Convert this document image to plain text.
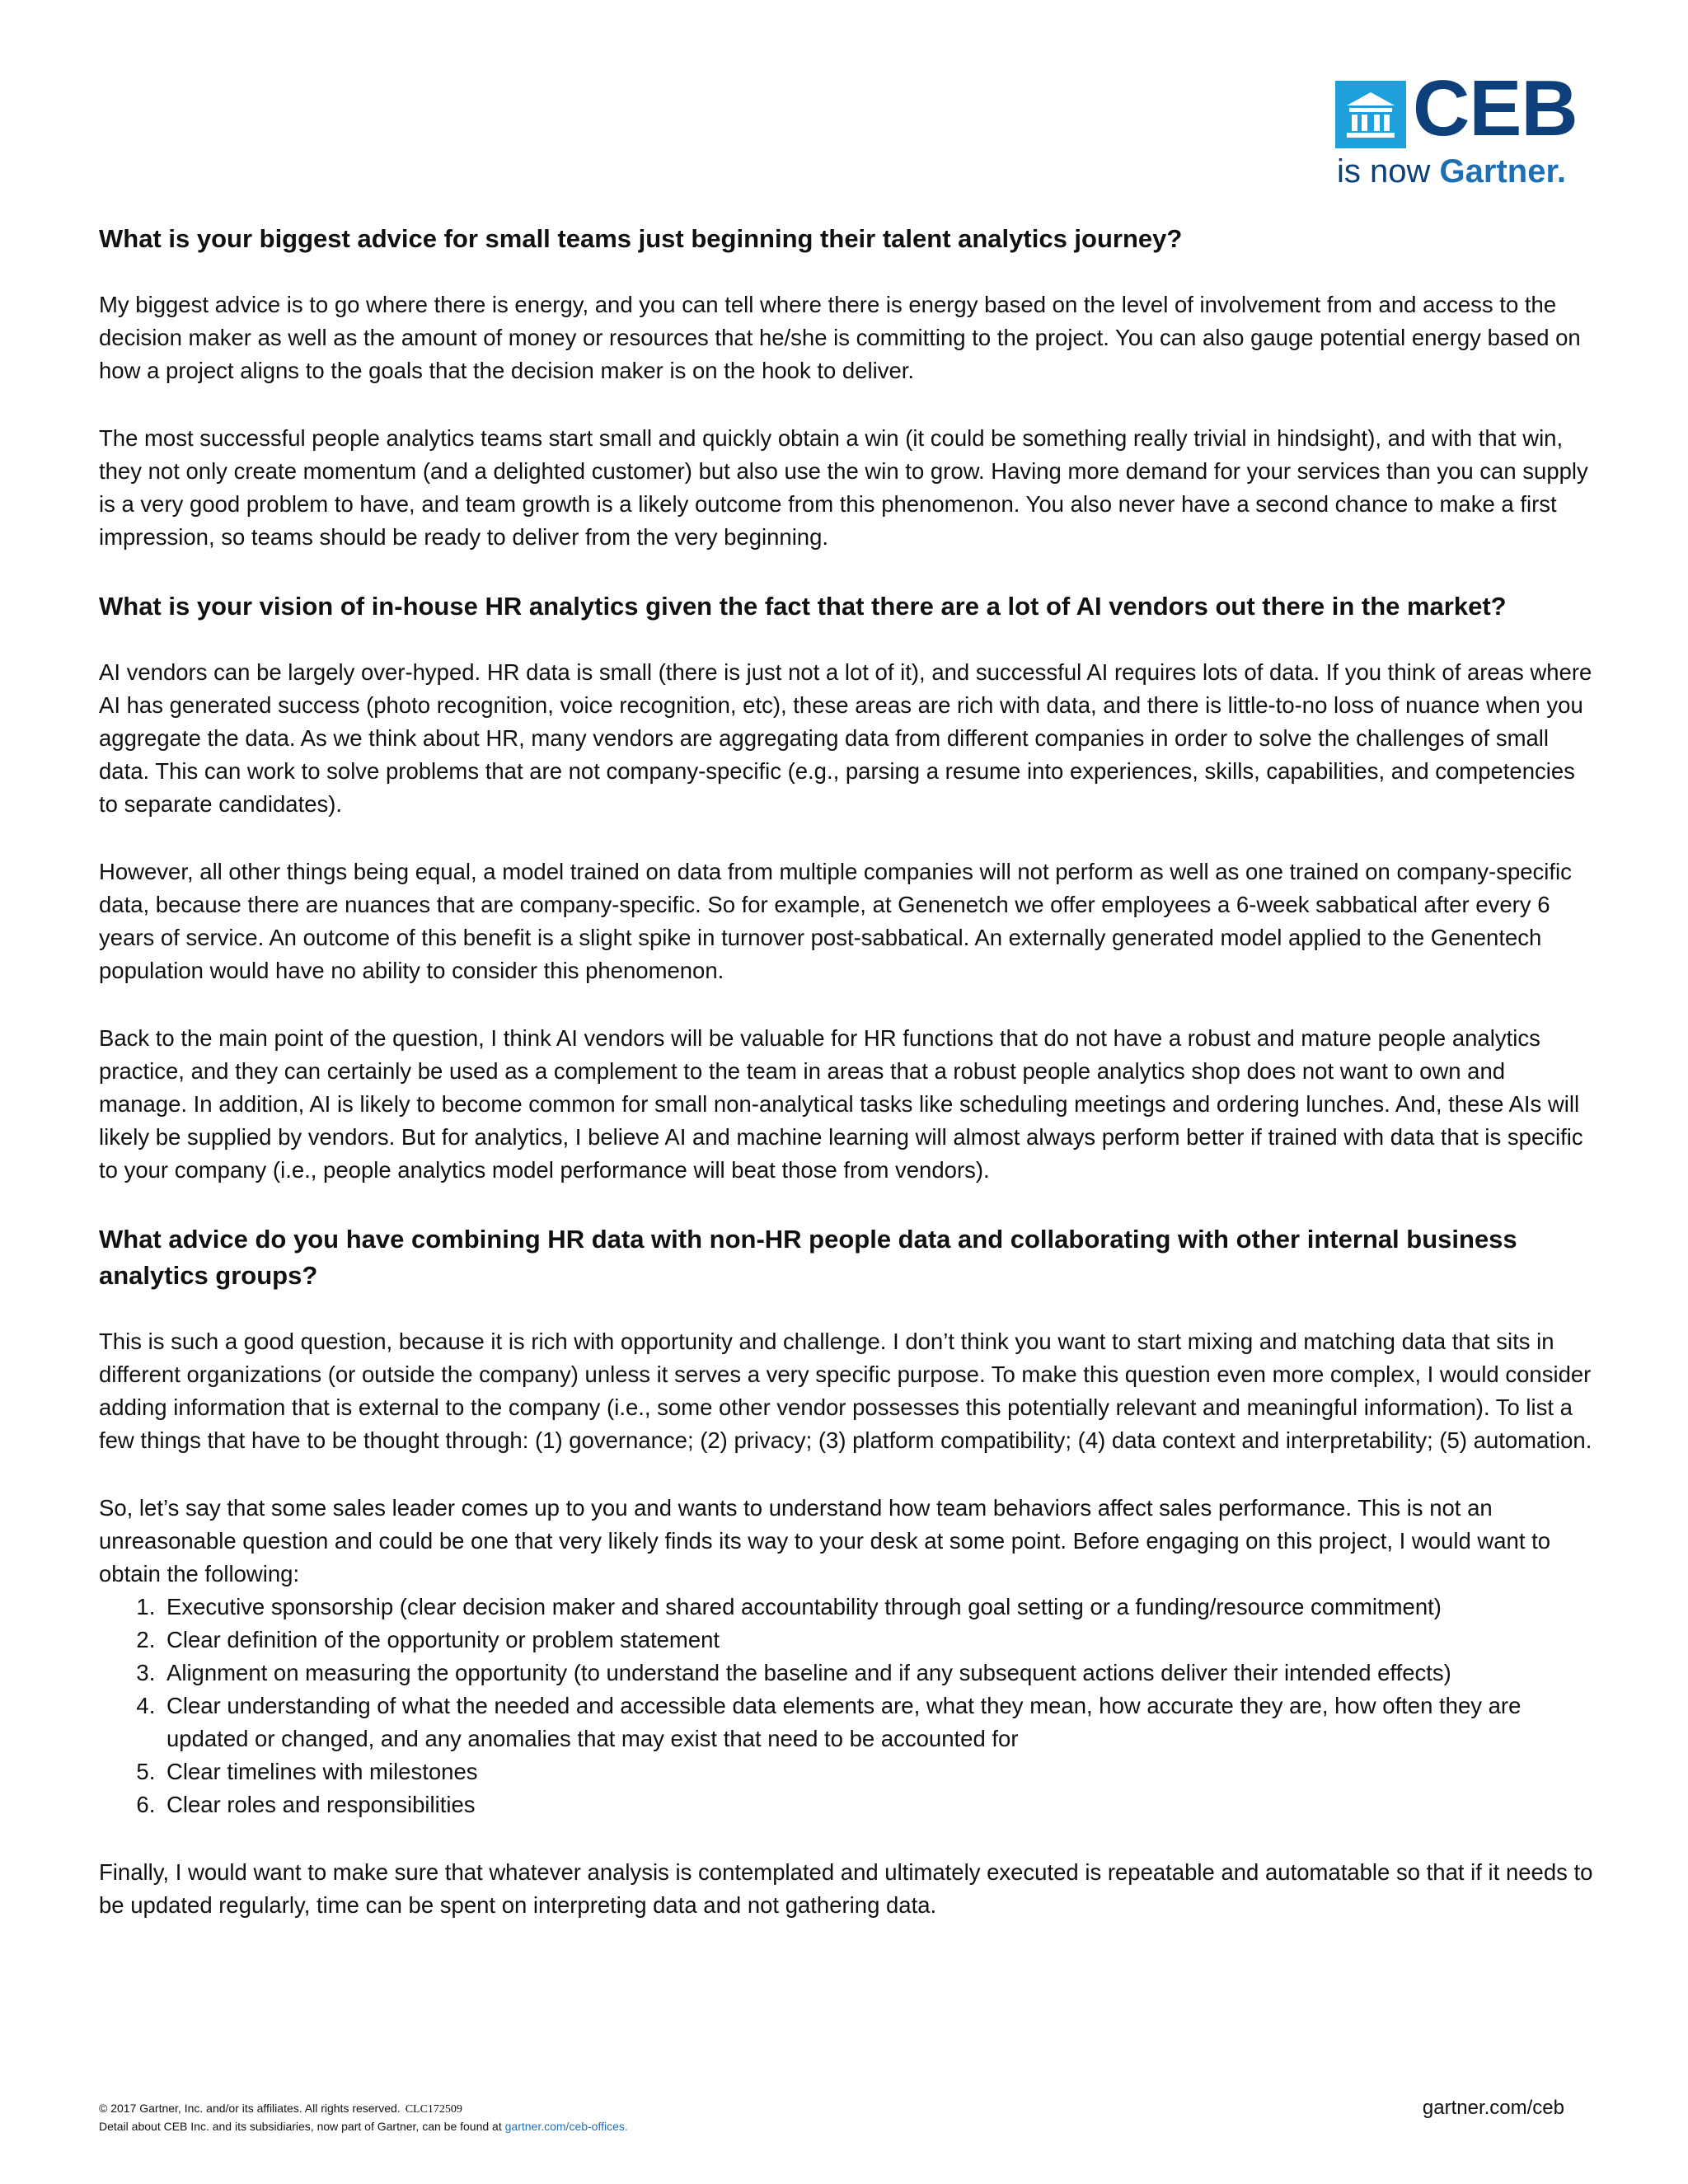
CEB
is now Gartner.
What is your biggest advice for small teams just beginning their talent analytics journey?

My biggest advice is to go where there is energy, and you can tell where there is energy based on the level of involvement from and access to the decision maker as well as the amount of money or resources that he/she is committing to the project. You can also gauge potential energy based on how a project aligns to the goals that the decision maker is on the hook to deliver.

The most successful people analytics teams start small and quickly obtain a win (it could be something really trivial in hindsight), and with that win, they not only create momentum (and a delighted customer) but also use the win to grow. Having more demand for your services than you can supply is a very good problem to have, and team growth is a likely outcome from this phenomenon. You also never have a second chance to make a first impression, so teams should be ready to deliver from the very beginning.

What is your vision of in-house HR analytics given the fact that there are a lot of AI vendors out there in the market?

AI vendors can be largely over-hyped. HR data is small (there is just not a lot of it), and successful AI requires lots of data. If you think of areas where AI has generated success (photo recognition, voice recognition, etc), these areas are rich with data, and there is little-to-no loss of nuance when you aggregate the data. As we think about HR, many vendors are aggregating data from different companies in order to solve the challenges of small data. This can work to solve problems that are not company-specific (e.g., parsing a resume into experiences, skills, capabilities, and competencies to separate candidates).

However, all other things being equal, a model trained on data from multiple companies will not perform as well as one trained on company-specific data, because there are nuances that are company-specific. So for example, at Genenetch we offer employees a 6-week sabbatical after every 6 years of service. An outcome of this benefit is a slight spike in turnover post-sabbatical. An externally generated model applied to the Genentech population would have no ability to consider this phenomenon.

Back to the main point of the question, I think AI vendors will be valuable for HR functions that do not have a robust and mature people analytics practice, and they can certainly be used as a complement to the team in areas that a robust people analytics shop does not want to own and manage. In addition, AI is likely to become common for small non-analytical tasks like scheduling meetings and ordering lunches. And, these AIs will likely be supplied by vendors. But for analytics, I believe AI and machine learning will almost always perform better if trained with data that is specific to your company (i.e., people analytics model performance will beat those from vendors).

What advice do you have combining HR data with non-HR people data and collaborating with other internal business analytics groups?

This is such a good question, because it is rich with opportunity and challenge. I don’t think you want to start mixing and matching data that sits in different organizations (or outside the company) unless it serves a very specific purpose. To make this question even more complex, I would consider adding information that is external to the company (i.e., some other vendor possesses this potentially relevant and meaningful information). To list a few things that have to be thought through: (1) governance; (2) privacy; (3) platform compatibility; (4) data context and interpretability; (5) automation.

So, let’s say that some sales leader comes up to you and wants to understand how team behaviors affect sales performance. This is not an unreasonable question and could be one that very likely finds its way to your desk at some point. Before engaging on this project, I would want to obtain the following:

1. Executive sponsorship (clear decision maker and shared accountability through goal setting or a funding/resource commitment)
2. Clear definition of the opportunity or problem statement
3. Alignment on measuring the opportunity (to understand the baseline and if any subsequent actions deliver their intended effects)
4. Clear understanding of what the needed and accessible data elements are, what they mean, how accurate they are, how often they are updated or changed, and any anomalies that may exist that need to be accounted for
5. Clear timelines with milestones
6. Clear roles and responsibilities

Finally, I would want to make sure that whatever analysis is contemplated and ultimately executed is repeatable and automatable so that if it needs to be updated regularly, time can be spent on interpreting data and not gathering data.

© 2017 Gartner, Inc. and/or its affiliates. All rights reserved. CLC172509
Detail about CEB Inc. and its subsidiaries, now part of Gartner, can be found at gartner.com/ceb-offices.
gartner.com/ceb
